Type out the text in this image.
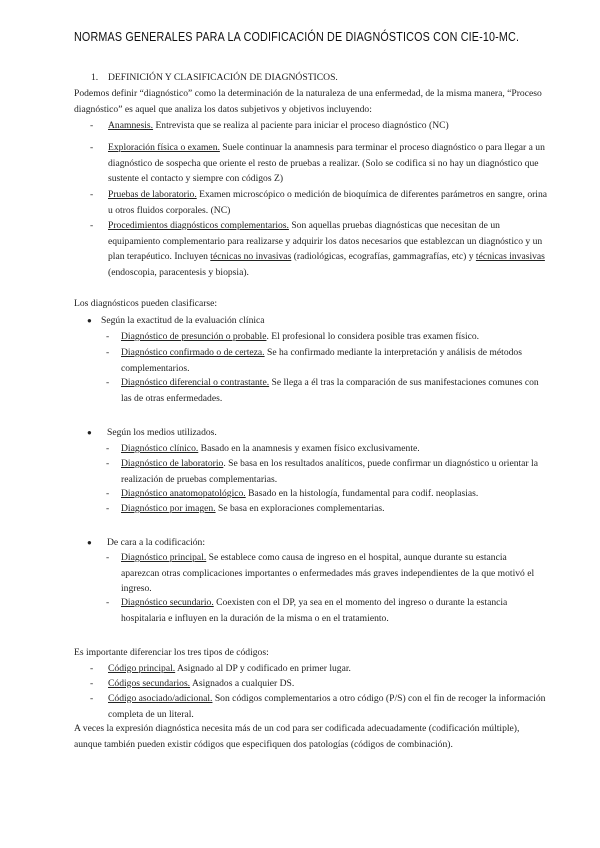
NORMAS GENERALES PARA LA CODIFICACIÓN DE DIAGNÓSTICOS CON CIE-10-MC.
1. DEFINICIÓN Y CLASIFICACIÓN DE DIAGNÓSTICOS.

Podemos definir “diagnóstico” como la determinación de la naturaleza de una enfermedad, de la misma manera, “Proceso diagnóstico” es aquel que analiza los datos subjetivos y objetivos incluyendo:

- Anamnesis. Entrevista que se realiza al paciente para iniciar el proceso diagnóstico (NC)

- Exploración física o examen. Suele continuar la anamnesis para terminar el proceso diagnóstico o para llegar a un diagnóstico de sospecha que oriente el resto de pruebas a realizar. (Solo se codifica si no hay un diagnóstico que sustente el contacto y siempre con códigos Z)

- Pruebas de laboratorio. Examen microscópico o medición de bioquímica de diferentes parámetros en sangre, orina u otros fluidos corporales. (NC)

- Procedimientos diagnósticos complementarios. Son aquellas pruebas diagnósticas que necesitan de un equipamiento complementario para realizarse y adquirir los datos necesarios que establezcan un diagnóstico y un plan terapéutico. Incluyen técnicas no invasivas (radiológicas, ecografías, gammagrafías, etc) y técnicas invasivas (endoscopia, paracentesis y biopsia).

Los diagnósticos pueden clasificarse:
● Según la exactitud de la evaluación clínica
- Diagnóstico de presunción o probable. El profesional lo considera posible tras examen físico.

- Diagnóstico confirmado o de certeza. Se ha confirmado mediante la interpretación y análisis de métodos complementarios.

- Diagnóstico diferencial o contrastante. Se llega a él tras la comparación de sus manifestaciones comunes con las de otras enfermedades.

● Según los medios utilizados.
- Diagnóstico clínico. Basado en la anamnesis y examen físico exclusivamente.

- Diagnóstico de laboratorio. Se basa en los resultados analíticos, puede confirmar un diagnóstico u orientar la realización de pruebas complementarias.

- Diagnóstico anatomopatológico. Basado en la histología, fundamental para codif. neoplasias.

- Diagnóstico por imagen. Se basa en exploraciones complementarias.

● De cara a la codificación:
- Diagnóstico principal. Se establece como causa de ingreso en el hospital, aunque durante su estancia aparezcan otras complicaciones importantes o enfermedades más graves independientes de la que motivó el ingreso.

- Diagnóstico secundario. Coexisten con el DP, ya sea en el momento del ingreso o durante la estancia hospitalaria e influyen en la duración de la misma o en el tratamiento.

Es importante diferenciar los tres tipos de códigos:
- Código principal. Asignado al DP y codificado en primer lugar.

- Códigos secundarios. Asignados a cualquier DS.

- Código asociado/adicional. Son códigos complementarios a otro código (P/S) con el fin de recoger la información completa de un literal.

A veces la expresión diagnóstica necesita más de un cod para ser codificada adecuadamente (codificación múltiple), aunque también pueden existir códigos que especifiquen dos patologías (códigos de combinación).
